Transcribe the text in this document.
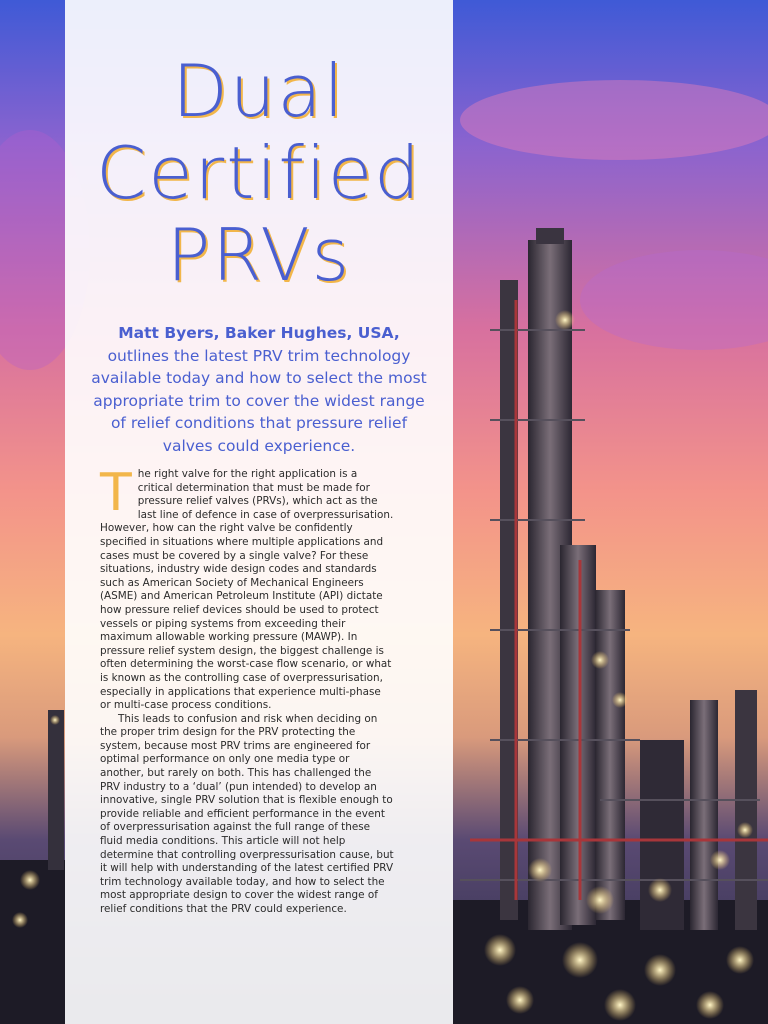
Dual
Certified
PRVs

Matt Byers, Baker Hughes, USA, outlines the latest PRV trim technology available today and how to select the most appropriate trim to cover the widest range of relief conditions that pressure relief valves could experience.

The right valve for the right application is a critical determination that must be made for pressure relief valves (PRVs), which act as the last line of defence in case of overpressurisation. However, how can the right valve be confidently specified in situations where multiple applications and cases must be covered by a single valve? For these situations, industry wide design codes and standards such as American Society of Mechanical Engineers (ASME) and American Petroleum Institute (API) dictate how pressure relief devices should be used to protect vessels or piping systems from exceeding their maximum allowable working pressure (MAWP). In pressure relief system design, the biggest challenge is often determining the worst-case flow scenario, or what is known as the controlling case of overpressurisation, especially in applications that experience multi-phase or multi-case process conditions.

This leads to confusion and risk when deciding on the proper trim design for the PRV protecting the system, because most PRV trims are engineered for optimal performance on only one media type or another, but rarely on both. This has challenged the PRV industry to a ‘dual’ (pun intended) to develop an innovative, single PRV solution that is flexible enough to provide reliable and efficient performance in the event of overpressurisation against the full range of these fluid media conditions. This article will not help determine that controlling overpressurisation cause, but it will help with understanding of the latest certified PRV trim technology available today, and how to select the most appropriate design to cover the widest range of relief conditions that the PRV could experience.
